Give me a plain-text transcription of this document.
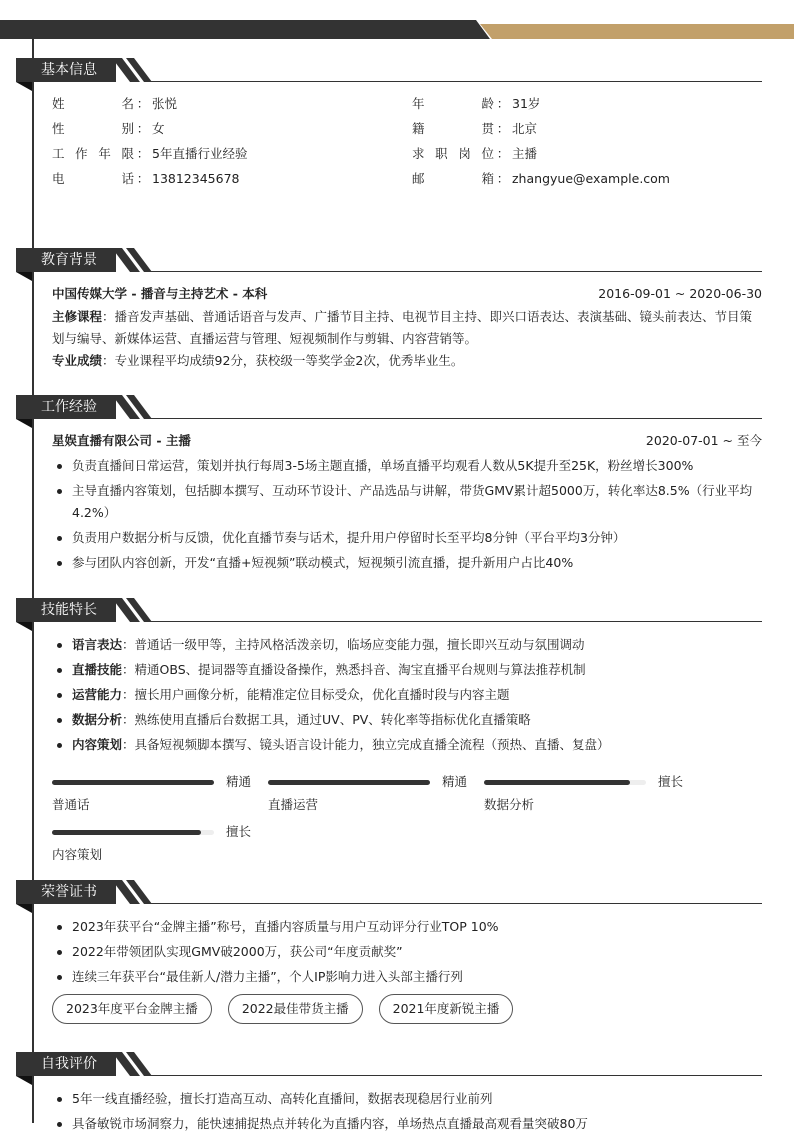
基本信息
姓	名 ： 张悦	年	龄 ： 31岁
性	别 ： 女	籍	贯 ： 北京
工 作 年 限 ： 5年直播行业经验	求 职 岗 位 ： 主播
电	话 ： 13812345678	邮	箱 ： zhangyue@example.com
教育背景
中国传媒大学 - 播音与主持艺术 - 本科	2016-09-01 ~ 2020-06-30
主修课程：播音发声基础、普通话语音与发声、广播节目主持、电视节目主持、即兴口语表达、表演基础、镜头前表达、节目策划与编导、新媒体运营、直播运营与管理、短视频制作与剪辑、内容营销等。
专业成绩：专业课程平均成绩92分，获校级一等奖学金2次，优秀毕业生。
工作经验
星娱直播有限公司 - 主播	2020-07-01 ~ 至今
负责直播间日常运营，策划并执行每周3-5场主题直播，单场直播平均观看人数从5K提升至25K，粉丝增长300%
主导直播内容策划，包括脚本撰写、互动环节设计、产品选品与讲解，带货GMV累计超5000万，转化率达8.5%（行业平均4.2%）
负责用户数据分析与反馈，优化直播节奏与话术，提升用户停留时长至平均8分钟（平台平均3分钟）
参与团队内容创新，开发“直播+短视频”联动模式，短视频引流直播，提升新用户占比40%
技能特长
语言表达：普通话一级甲等，主持风格活泼亲切，临场应变能力强，擅长即兴互动与氛围调动
直播技能：精通OBS、提词器等直播设备操作，熟悉抖音、淘宝直播平台规则与算法推荐机制
运营能力：擅长用户画像分析，能精准定位目标受众，优化直播时段与内容主题
数据分析：熟练使用直播后台数据工具，通过UV、PV、转化率等指标优化直播策略
内容策划：具备短视频脚本撰写、镜头语言设计能力，独立完成直播全流程（预热、直播、复盘）
精通
普通话
精通
直播运营
擅长
数据分析
擅长
内容策划
荣誉证书
2023年获平台“金牌主播”称号，直播内容质量与用户互动评分行业TOP 10%
2022年带领团队实现GMV破2000万，获公司“年度贡献奖”
连续三年获平台“最佳新人/潜力主播”，个人IP影响力进入头部主播行列
2023年度平台金牌主播	2022最佳带货主播	2021年度新锐主播
自我评价
5年一线直播经验，擅长打造高互动、高转化直播间，数据表现稳居行业前列
具备敏锐市场洞察力，能快速捕捉热点并转化为直播内容，单场热点直播最高观看量突破80万
